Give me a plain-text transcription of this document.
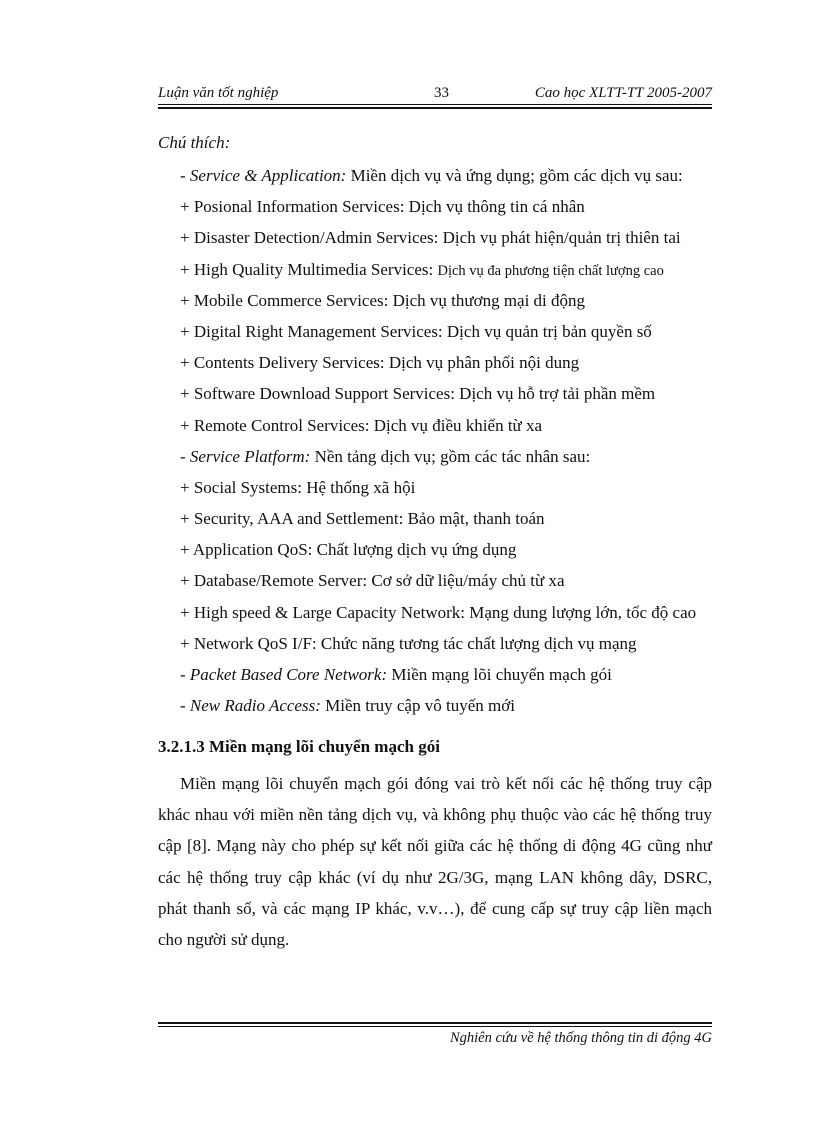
Luận văn tốt nghiệp	33	Cao học XLTT-TT 2005-2007
Chú thích:
- Service & Application: Miền dịch vụ và ứng dụng; gồm các dịch vụ sau:
+ Posional Information Services: Dịch vụ thông tin cá nhân
+ Disaster Detection/Admin Services: Dịch vụ phát hiện/quản trị thiên tai
+ High Quality Multimedia Services: Dịch vụ đa phương tiện chất lượng cao
+ Mobile Commerce Services: Dịch vụ thương mại di động
+ Digital Right Management Services: Dịch vụ quản trị bản quyền số
+ Contents Delivery Services: Dịch vụ phân phối nội dung
+ Software Download Support Services: Dịch vụ hỗ trợ tải phần mềm
+ Remote Control Services: Dịch vụ điều khiển từ xa
- Service Platform: Nền tảng dịch vụ; gồm các tác nhân sau:
+ Social Systems: Hệ thống xã hội
+ Security, AAA and Settlement: Bảo mật, thanh toán
+ Application QoS: Chất lượng dịch vụ ứng dụng
+ Database/Remote Server: Cơ sở dữ liệu/máy chủ từ xa
+ High speed & Large Capacity Network: Mạng dung lượng lớn, tốc độ cao
+ Network QoS I/F: Chức năng tương tác chất lượng dịch vụ mạng
- Packet Based Core Network: Miền mạng lõi chuyển mạch gói
- New Radio Access: Miền truy cập vô tuyến mới
3.2.1.3 Miền mạng lõi chuyển mạch gói

Miền mạng lõi chuyển mạch gói đóng vai trò kết nối các hệ thống truy cập khác nhau với miền nền tảng dịch vụ, và không phụ thuộc vào các hệ thống truy cập [8]. Mạng này cho phép sự kết nối giữa các hệ thống di động 4G cũng như các hệ thống truy cập khác (ví dụ như 2G/3G, mạng LAN không dây, DSRC, phát thanh số, và các mạng IP khác, v.v…), để cung cấp sự truy cập liền mạch cho người sử dụng.

Nghiên cứu về hệ thống thông tin di động 4G
